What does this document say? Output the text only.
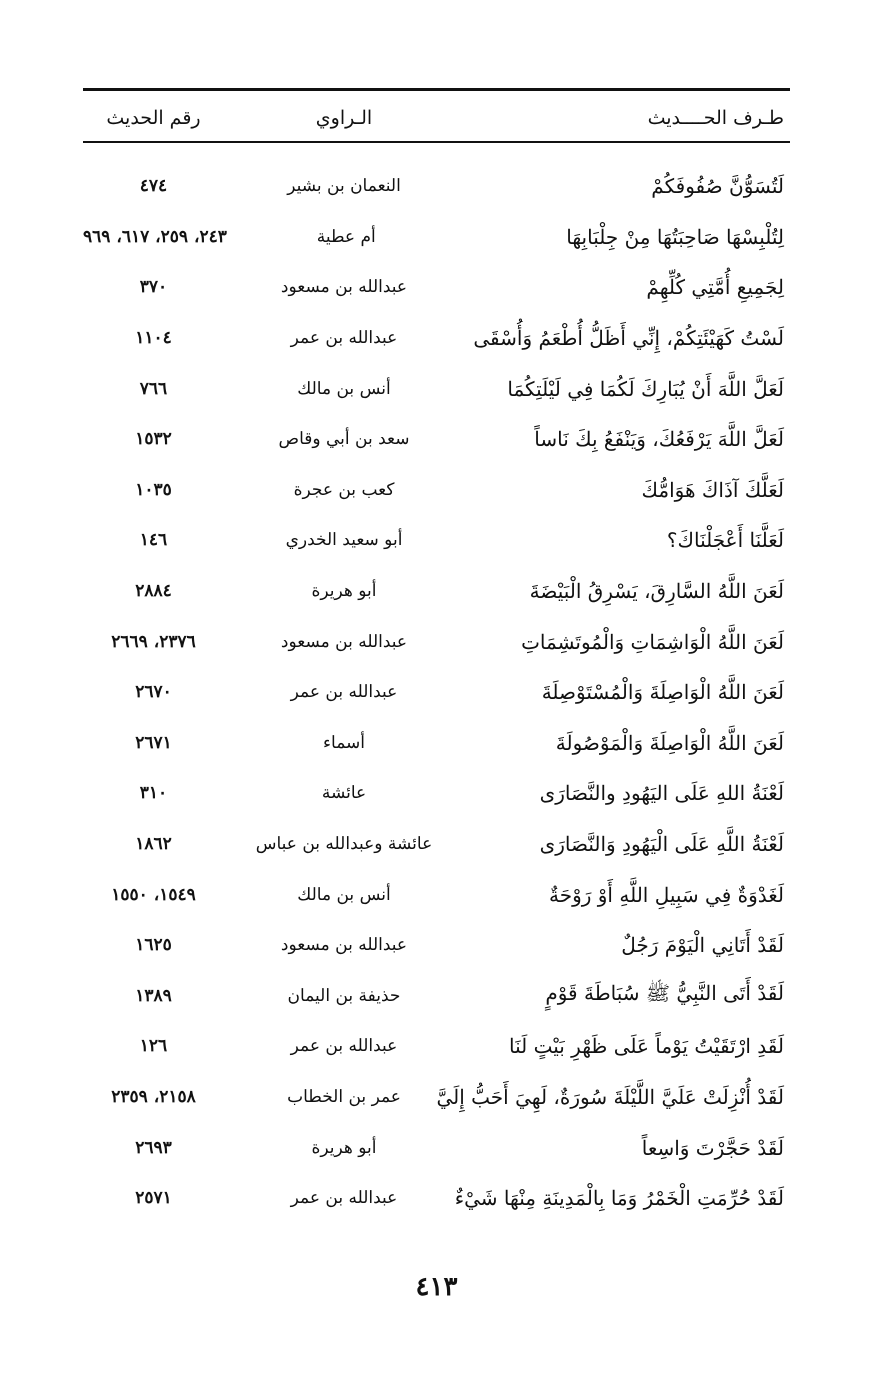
طـرف الحــــديث
الـراوي
رقم الحديث
لَتُسَوُّنَّ صُفُوفَكُمْ
النعمان بن بشير
٤٧٤
لِتُلْبِسْهَا صَاحِبَتُهَا مِنْ جِلْبَابِهَا
أم عطية
٢٤٣، ٢٥٩، ٦١٧، ٩٦٩
لِجَمِيعِ أُمَّتِي كُلِّهِمْ
عبدالله بن مسعود
٣٧٠
لَسْتُ كَهَيْئَتِكُمْ، إِنِّي أَظَلُّ أُطْعَمُ وَأُسْقَى
عبدالله بن عمر
١١٠٤
لَعَلَّ اللَّهَ أَنْ يُبَارِكَ لَكُمَا فِي لَيْلَتِكُمَا
أنس بن مالك
٧٦٦
لَعَلَّ اللَّهَ يَرْفَعُكَ، وَيَنْفَعُ بِكَ نَاساً
سعد بن أبي وقاص
١٥٣٢
لَعَلَّكَ آذَاكَ هَوَامُّكَ
كعب بن عجرة
١٠٣٥
لَعَلَّنَا أَعْجَلْنَاكَ؟
أبو سعيد الخدري
١٤٦
لَعَنَ اللَّهُ السَّارِقَ، يَسْرِقُ الْبَيْضَةَ
أبو هريرة
٢٨٨٤
لَعَنَ اللَّهُ الْوَاشِمَاتِ وَالْمُوتَشِمَاتِ
عبدالله بن مسعود
٢٣٧٦، ٢٦٦٩
لَعَنَ اللَّهُ الْوَاصِلَةَ وَالْمُسْتَوْصِلَةَ
عبدالله بن عمر
٢٦٧٠
لَعَنَ اللَّهُ الْوَاصِلَةَ وَالْمَوْصُولَةَ
أسماء
٢٦٧١
لَعْنَةُ اللهِ عَلَى اليَهُودِ والنَّصَارَى
عائشة
٣١٠
لَعْنَةُ اللَّهِ عَلَى الْيَهُودِ وَالنَّصَارَى
عائشة وعبدالله بن عباس
١٨٦٢
لَغَدْوَةٌ فِي سَبِيلِ اللَّهِ أَوْ رَوْحَةٌ
أنس بن مالك
١٥٤٩، ١٥٥٠
لَقَدْ أَتَانِي الْيَوْمَ رَجُلٌ
عبدالله بن مسعود
١٦٢٥
لَقَدْ أَتَى النَّبِيُّ ﷺ سُبَاطَةَ قَوْمٍ
حذيفة بن اليمان
١٣٨٩
لَقَدِ ارْتَقَيْتُ يَوْماً عَلَى ظَهْرِ بَيْتٍ لَنَا
عبدالله بن عمر
١٢٦
لَقَدْ أُنْزِلَتْ عَلَيَّ اللَّيْلَةَ سُورَةٌ، لَهِيَ أَحَبُّ إِلَيَّ
عمر بن الخطاب
٢١٥٨، ٢٣٥٩
لَقَدْ حَجَّرْتَ وَاسِعاً
أبو هريرة
٢٦٩٣
لَقَدْ حُرِّمَتِ الْخَمْرُ وَمَا بِالْمَدِينَةِ مِنْهَا شَيْءٌ
عبدالله بن عمر
٢٥٧١
٤١٣
